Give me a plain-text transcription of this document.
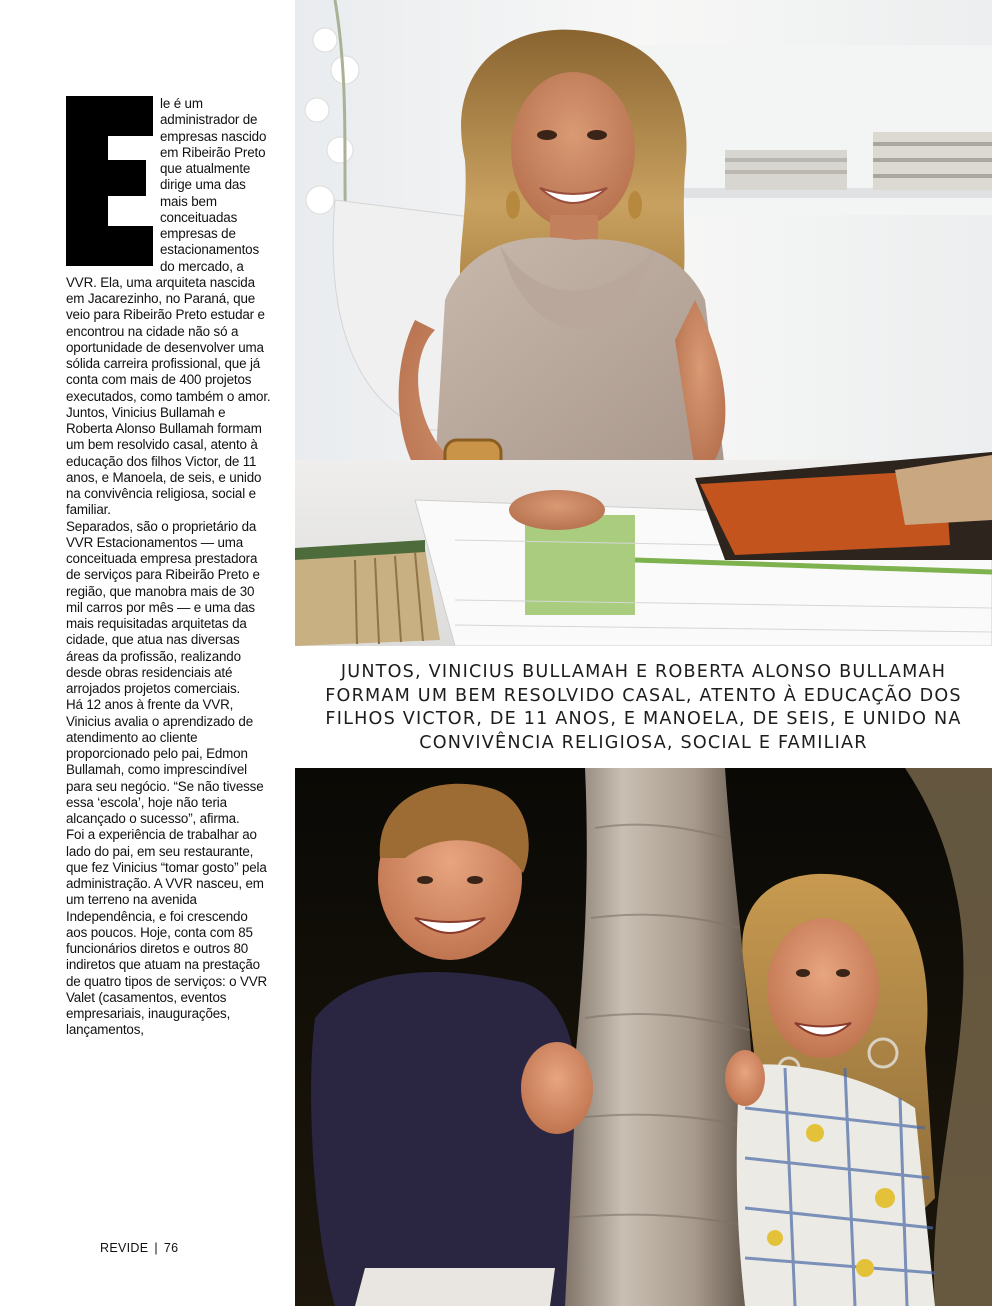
le é um administrador de empresas nascido em Ribeirão Preto que atualmente dirige uma das mais bem conceituadas empresas de estacionamentos do mercado, a VVR. Ela, uma arquiteta nascida em Jacarezinho, no Paraná, que veio para Ribeirão Preto estudar e encontrou na cidade não só a oportunidade de desenvolver uma sólida carreira profissional, que já conta com mais de 400 projetos executados, como também o amor.

Juntos, Vinicius Bullamah e Roberta Alonso Bullamah formam um bem resolvido casal, atento à educação dos filhos Victor, de 11 anos, e Manoela, de seis, e unido na convivência religiosa, social e familiar.

Separados, são o proprietário da VVR Estacionamentos — uma conceituada empresa prestadora de serviços para Ribeirão Preto e região, que manobra mais de 30 mil carros por mês — e uma das mais requisitadas arquitetas da cidade, que atua nas diversas áreas da profissão, realizando desde obras residenciais até arrojados projetos comerciais.

Há 12 anos à frente da VVR, Vinicius avalia o aprendizado de atendimento ao cliente proporcionado pelo pai, Edmon Bullamah, como imprescindível para seu negócio. “Se não tivesse essa ‘escola’, hoje não teria alcançado o sucesso”, afirma.

Foi a experiência de trabalhar ao lado do pai, em seu restaurante, que fez Vinicius “tomar gosto” pela administração. A VVR nasceu, em um terreno na avenida Independência, e foi crescendo aos poucos. Hoje, conta com 85 funcionários diretos e outros 80 indiretos que atuam na prestação de quatro tipos de serviços: o VVR Valet (casamentos, eventos empresariais, inaugurações, lançamentos,

JUNTOS, VINICIUS BULLAMAH E ROBERTA ALONSO BULLAMAH FORMAM UM BEM RESOLVIDO CASAL, ATENTO À EDUCAÇÃO DOS FILHOS VICTOR, DE 11 ANOS, E MANOELA, DE SEIS, E UNIDO NA CONVIVÊNCIA RELIGIOSA, SOCIAL E FAMILIAR
REVIDE | 76
